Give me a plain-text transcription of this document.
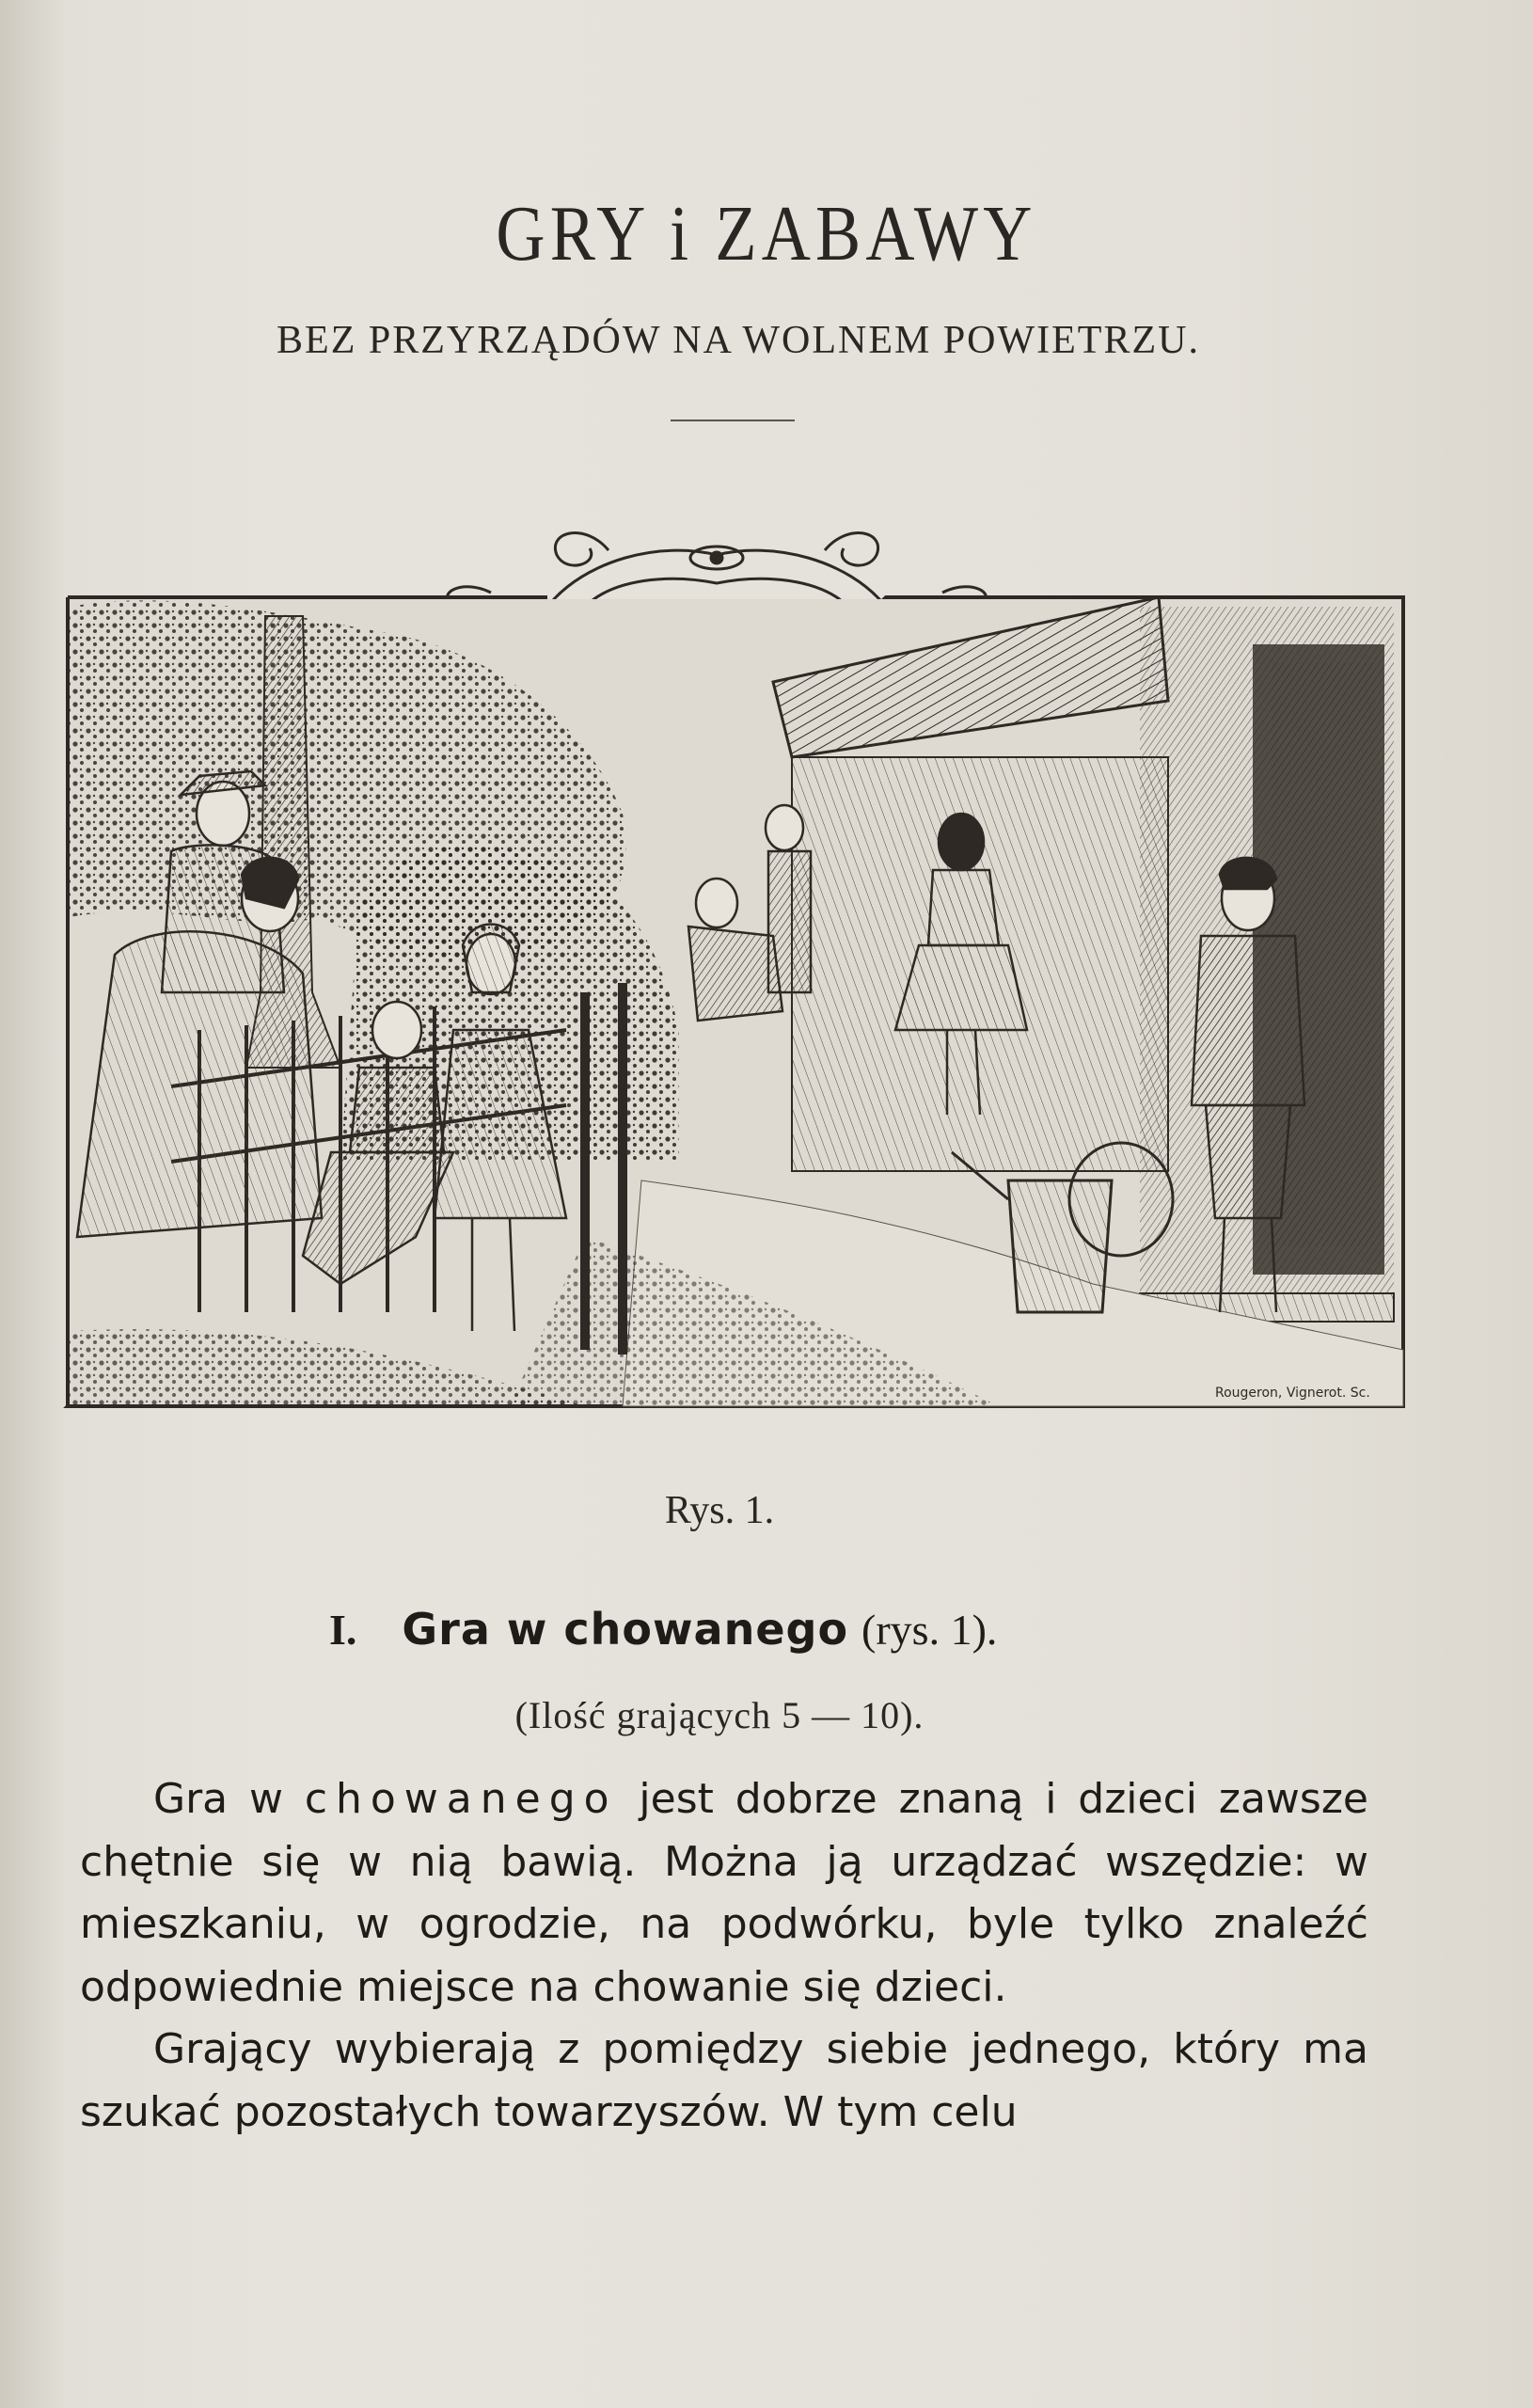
GRY i ZABAWY
BEZ PRZYRZĄDÓW NA WOLNEM POWIETRZU.
Rougeron, Vignerot. Sc.
Rys. 1.
I. Gra w chowanego (rys. 1).
(Ilość grających 5 — 10).

Gra w chowanego jest dobrze znaną i dzieci zawsze chętnie się w nią bawią. Można ją urządzać wszędzie: w mieszkaniu, w ogrodzie, na podwórku, byle tylko znaleźć odpowiednie miejsce na chowanie się dzieci.

Grający wybierają z pomiędzy siebie jednego, który ma szukać pozostałych towarzyszów. W tym celu
